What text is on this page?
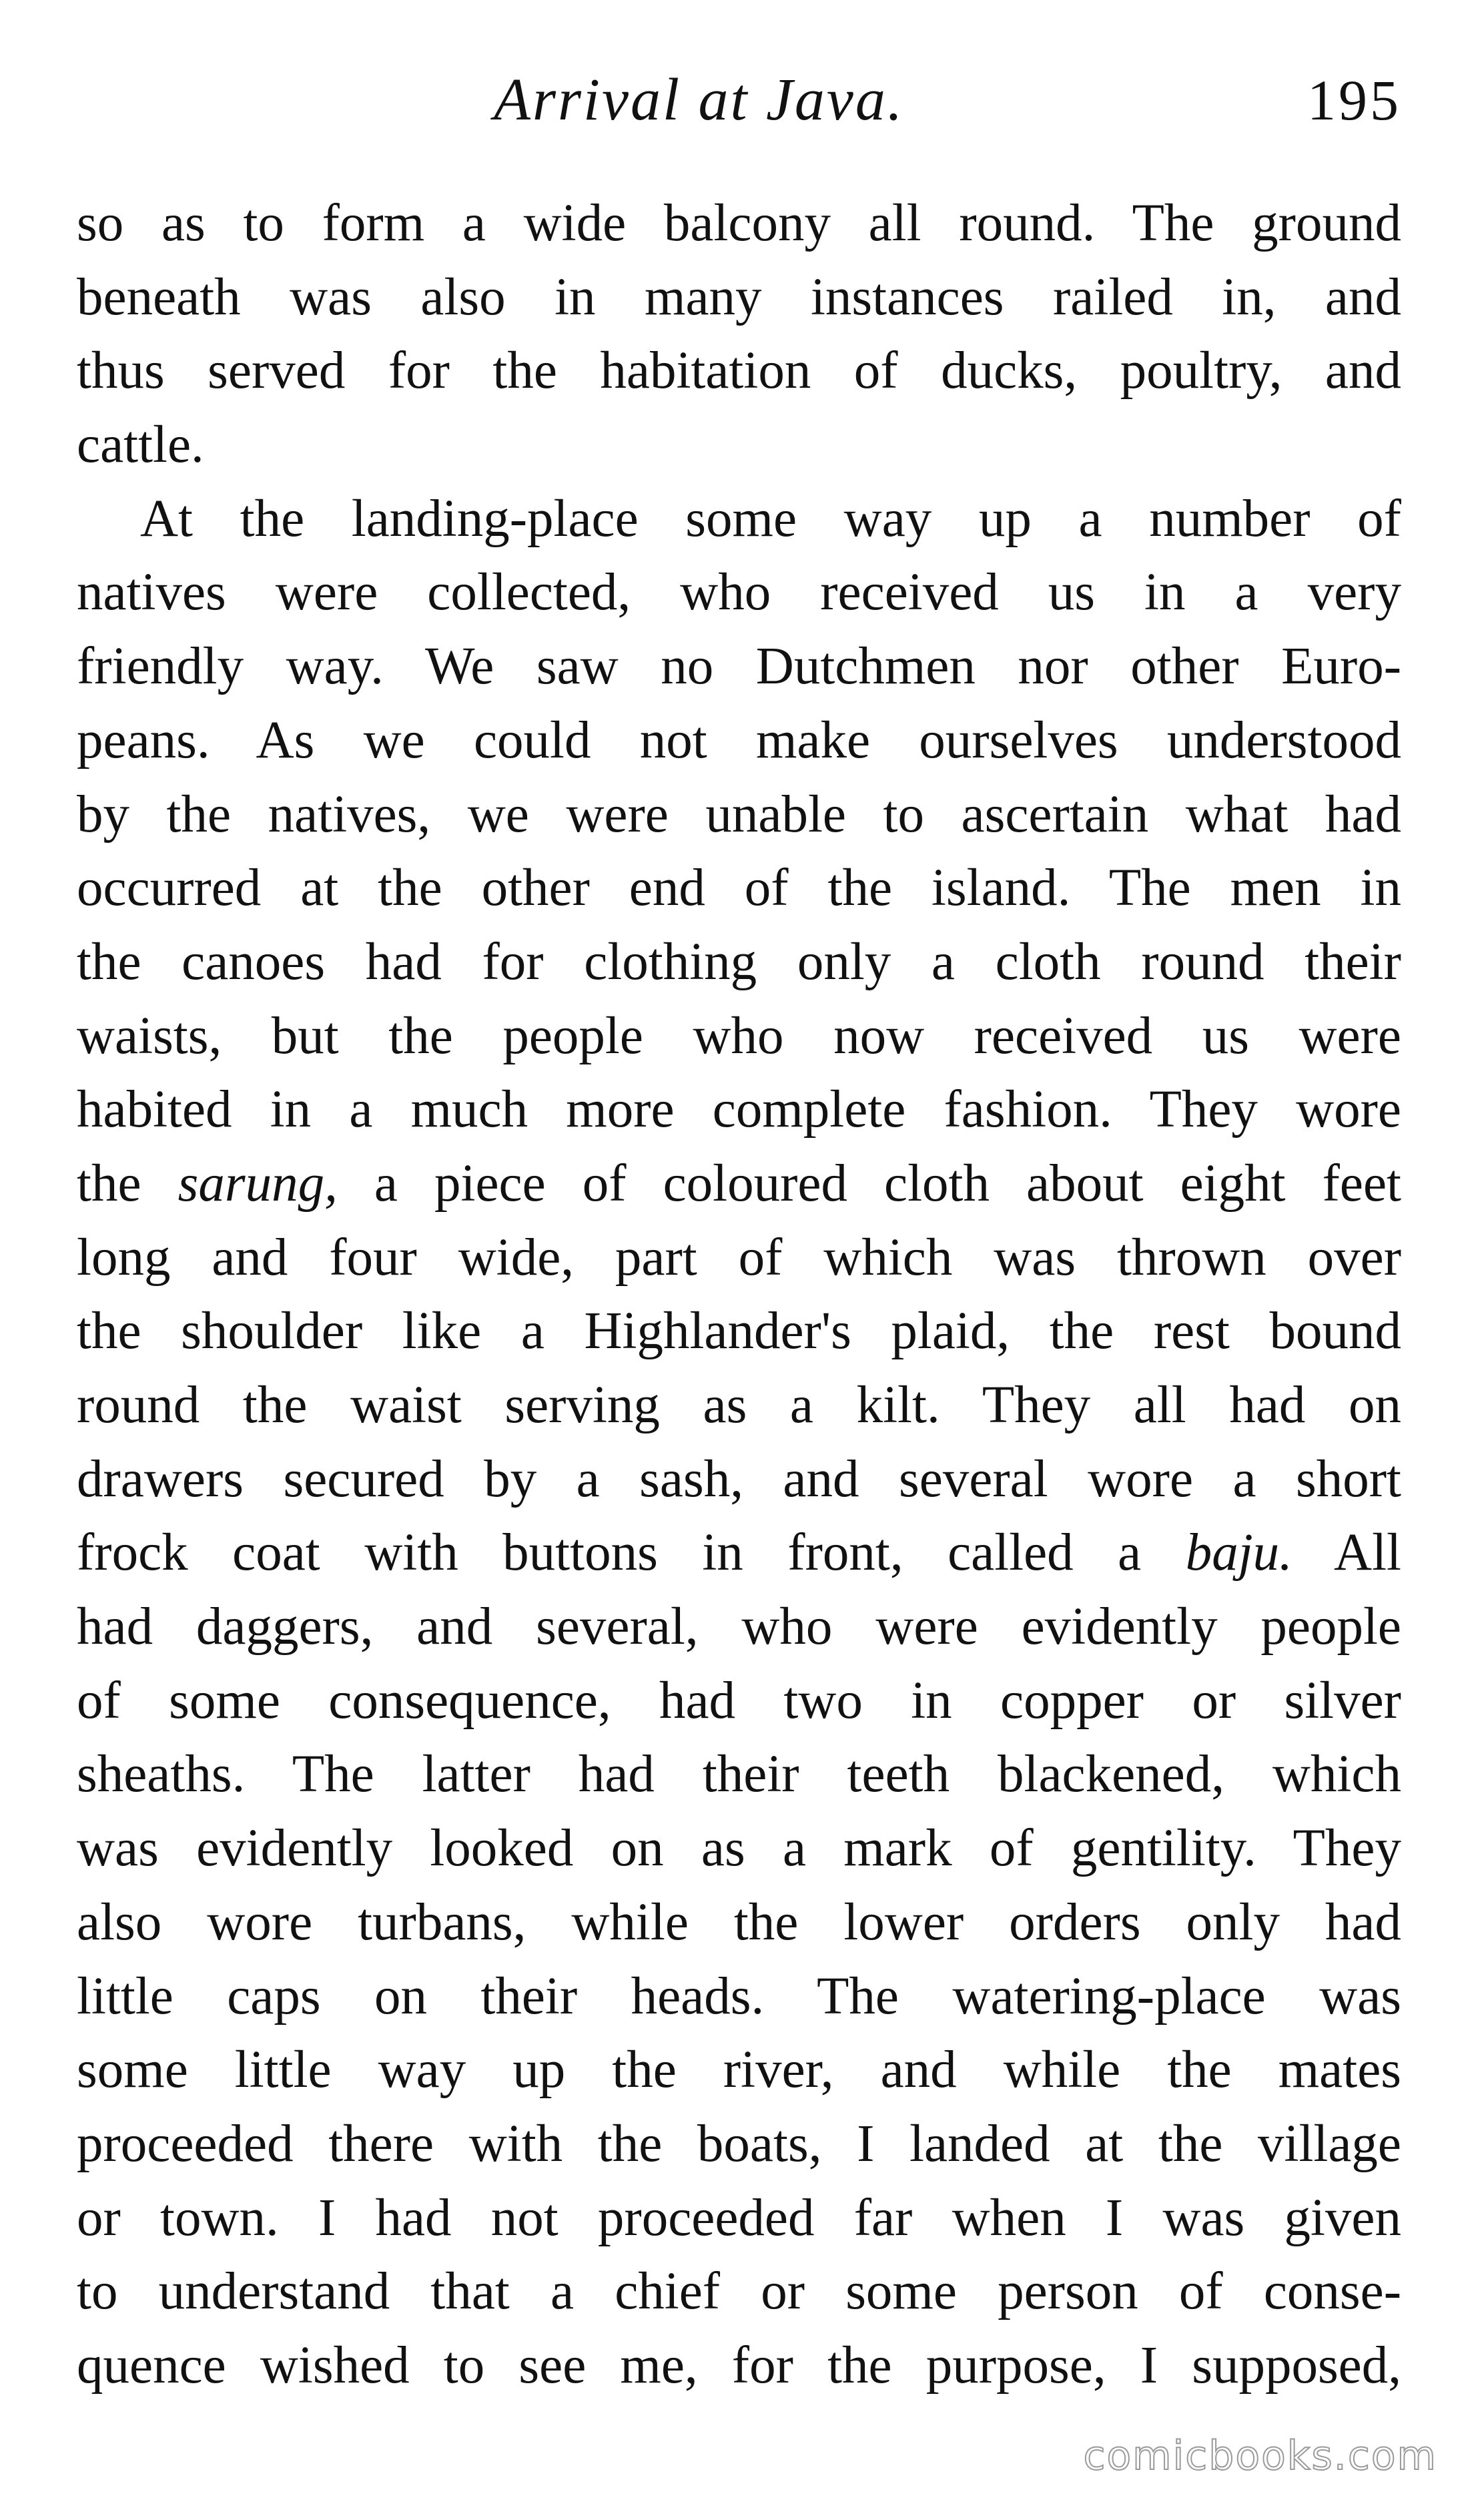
Arrival at Java.	195
so as to form a wide balcony all round. The ground
beneath was also in many instances railed in, and
thus served for the habitation of ducks, poultry, and
cattle.
At the landing-place some way up a number of
natives were collected, who received us in a very
friendly way. We saw no Dutchmen nor other Euro-
peans. As we could not make ourselves understood
by the natives, we were unable to ascertain what had
occurred at the other end of the island. The men in
the canoes had for clothing only a cloth round their
waists, but the people who now received us were
habited in a much more complete fashion. They wore
the sarung, a piece of coloured cloth about eight feet
long and four wide, part of which was thrown over
the shoulder like a Highlander's plaid, the rest bound
round the waist serving as a kilt. They all had on
drawers secured by a sash, and several wore a short
frock coat with buttons in front, called a baju. All
had daggers, and several, who were evidently people
of some consequence, had two in copper or silver
sheaths. The latter had their teeth blackened, which
was evidently looked on as a mark of gentility. They
also wore turbans, while the lower orders only had
little caps on their heads. The watering-place was
some little way up the river, and while the mates
proceeded there with the boats, I landed at the village
or town. I had not proceeded far when I was given
to understand that a chief or some person of conse-
quence wished to see me, for the purpose, I supposed,
comicbooks.com
